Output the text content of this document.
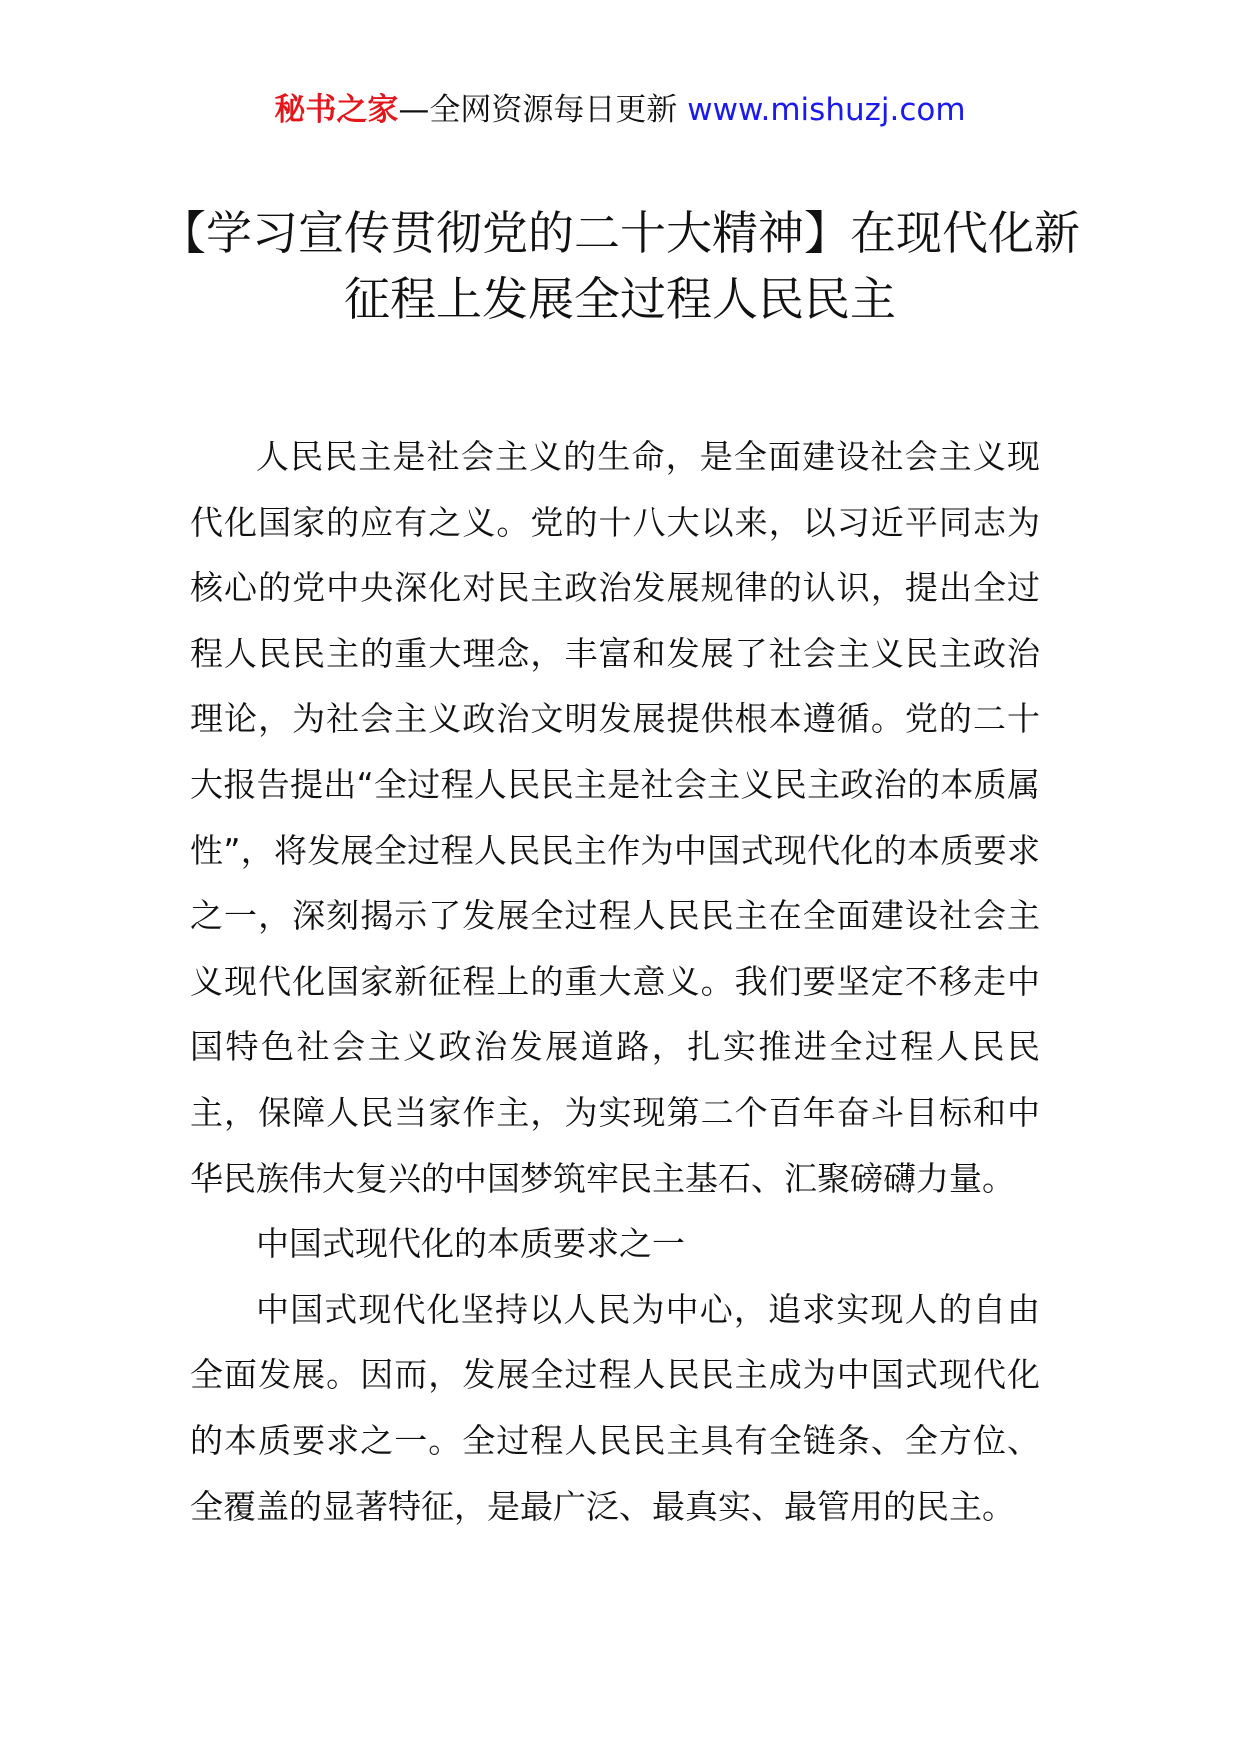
秘书之家—全网资源每日更新 www.mishuzj.com
【学习宣传贯彻党的二十大精神】在现代化新征程上发展全过程人民民主

人民民主是社会主义的生命，是全面建设社会主义现代化国家的应有之义。党的十八大以来，以习近平同志为核心的党中央深化对民主政治发展规律的认识，提出全过程人民民主的重大理念，丰富和发展了社会主义民主政治理论，为社会主义政治文明发展提供根本遵循。党的二十大报告提出“全过程人民民主是社会主义民主政治的本质属性”，将发展全过程人民民主作为中国式现代化的本质要求之一，深刻揭示了发展全过程人民民主在全面建设社会主义现代化国家新征程上的重大意义。我们要坚定不移走中国特色社会主义政治发展道路，扎实推进全过程人民民主，保障人民当家作主，为实现第二个百年奋斗目标和中华民族伟大复兴的中国梦筑牢民主基石、汇聚磅礴力量。

中国式现代化的本质要求之一

中国式现代化坚持以人民为中心，追求实现人的自由全面发展。因而，发展全过程人民民主成为中国式现代化的本质要求之一。全过程人民民主具有全链条、全方位、全覆盖的显著特征，是最广泛、最真实、最管用的民主。
